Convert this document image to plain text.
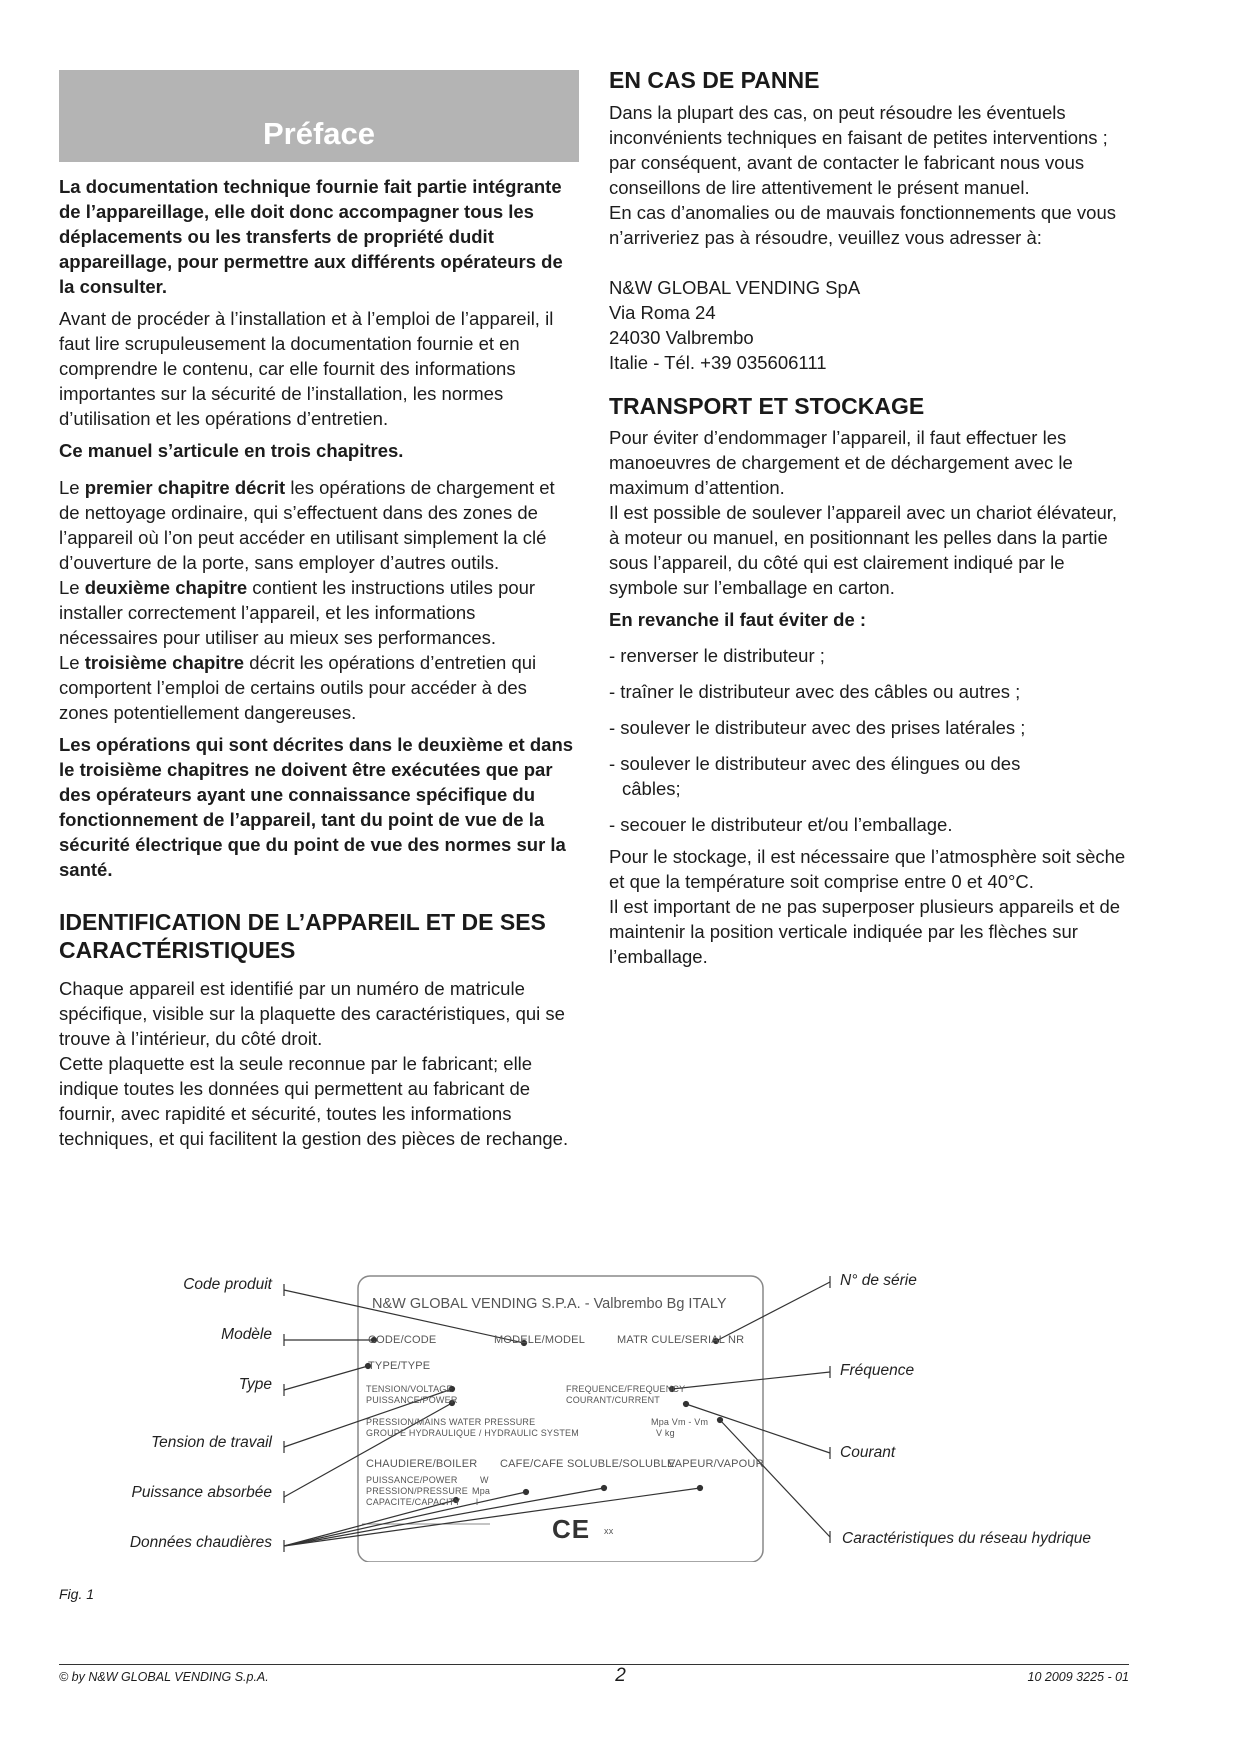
Préface

La documentation technique fournie fait partie intégrante de l’appareillage, elle doit donc accompagner tous les déplacements ou les transferts de propriété dudit appareillage, pour permettre aux différents opérateurs de la consulter.

Avant de procéder à l’installation et à l’emploi de l’appareil, il faut lire scrupuleusement la documentation fournie et en comprendre le contenu, car elle fournit des informations importantes sur la sécurité de l’installation, les normes d’utilisation et les opérations d’entretien.

Ce manuel s’articule en trois chapitres.

Le premier chapitre décrit les opérations de chargement et de nettoyage ordinaire, qui s’effectuent dans des zones de l’appareil où l’on peut accéder en utilisant simplement la clé d’ouverture de la porte, sans employer d’autres outils.

Le deuxième chapitre contient les instructions utiles pour installer correctement l’appareil, et les informations nécessaires pour utiliser au mieux ses performances.

Le troisième chapitre décrit les opérations d’entretien qui comportent l’emploi de certains outils pour accéder à des zones potentiellement dangereuses.

Les opérations qui sont décrites dans le deuxième et dans le troisième chapitres ne doivent être exécutées que par des opérateurs ayant une connaissance spécifique du fonctionnement de l’appareil, tant du point de vue de la sécurité électrique que du point de vue des normes sur la santé.

IDENTIFICATION DE L’APPAREIL ET DE SES CARACTÉRISTIQUES

Chaque appareil est identifié par un numéro de matricule spécifique, visible sur la plaquette des caractéristiques, qui se trouve à l’intérieur, du côté droit.

Cette plaquette est la seule reconnue par le fabricant; elle indique toutes les données qui permettent au fabricant de fournir, avec rapidité et sécurité, toutes les informations techniques, et qui facilitent la gestion des pièces de rechange.

EN CAS DE PANNE

Dans la plupart des cas, on peut résoudre les éventuels inconvénients techniques en faisant de petites interventions ; par conséquent, avant de contacter le fabricant nous vous conseillons de lire attentivement le présent manuel.

En cas d’anomalies ou de mauvais fonctionnements que vous n’arriveriez pas à résoudre, veuillez vous adresser à:

N&W GLOBAL VENDING SpA

Via Roma 24

24030 Valbrembo

Italie - Tél. +39 035606111

TRANSPORT ET STOCKAGE

Pour éviter d’endommager l’appareil, il faut effectuer les manoeuvres de chargement et de déchargement avec le maximum d’attention.

Il est possible de soulever l’appareil avec un chariot élévateur, à moteur ou manuel, en positionnant les pelles dans la partie sous l’appareil, du côté qui est clairement indiqué par le symbole sur l’emballage en carton.

En revanche il faut éviter de :

- renverser le distributeur ;

- traîner le distributeur avec des câbles ou autres ;

- soulever le distributeur avec des prises latérales ;

- soulever le distributeur avec des élingues ou des

câbles;

- secouer le distributeur et/ou l’emballage.

Pour le stockage, il est nécessaire que l’atmosphère soit sèche et que la température soit comprise entre 0 et 40°C.

Il est important de ne pas superposer plusieurs appareils et de maintenir la position verticale indiquée par les flèches sur l’emballage.

Code produit
Modèle
Type
Tension de travail
Puissance absorbée
Données chaudières
N° de série
Fréquence
Courant
Caractéristiques du réseau hydrique
N&W GLOBAL VENDING S.P.A. - Valbrembo Bg ITALY
CODE/CODE	MODELE/MODEL	MATR CULE/SERIAL NR
TYPE/TYPE
TENSION/VOLTAGE
PUISSANCE/POWER
FREQUENCE/FREQUENCY
COURANT/CURRENT
PRESSION/MAINS WATER PRESSURE
GROUPE HYDRAULIQUE / HYDRAULIC SYSTEM
Mpa Vm - Vm
V kg
CHAUDIERE/BOILER CAFE/CAFE SOLUBLE/SOLUBLE
VAPEUR/VAPOUR
PUISSANCE/POWER
PRESSION/PRESSURE
CAPACITE/CAPACITY
W
Mpa
l
CE xx
Fig. 1
© by N&W GLOBAL VENDING S.p.A.	2	10 2009 3225 - 01
